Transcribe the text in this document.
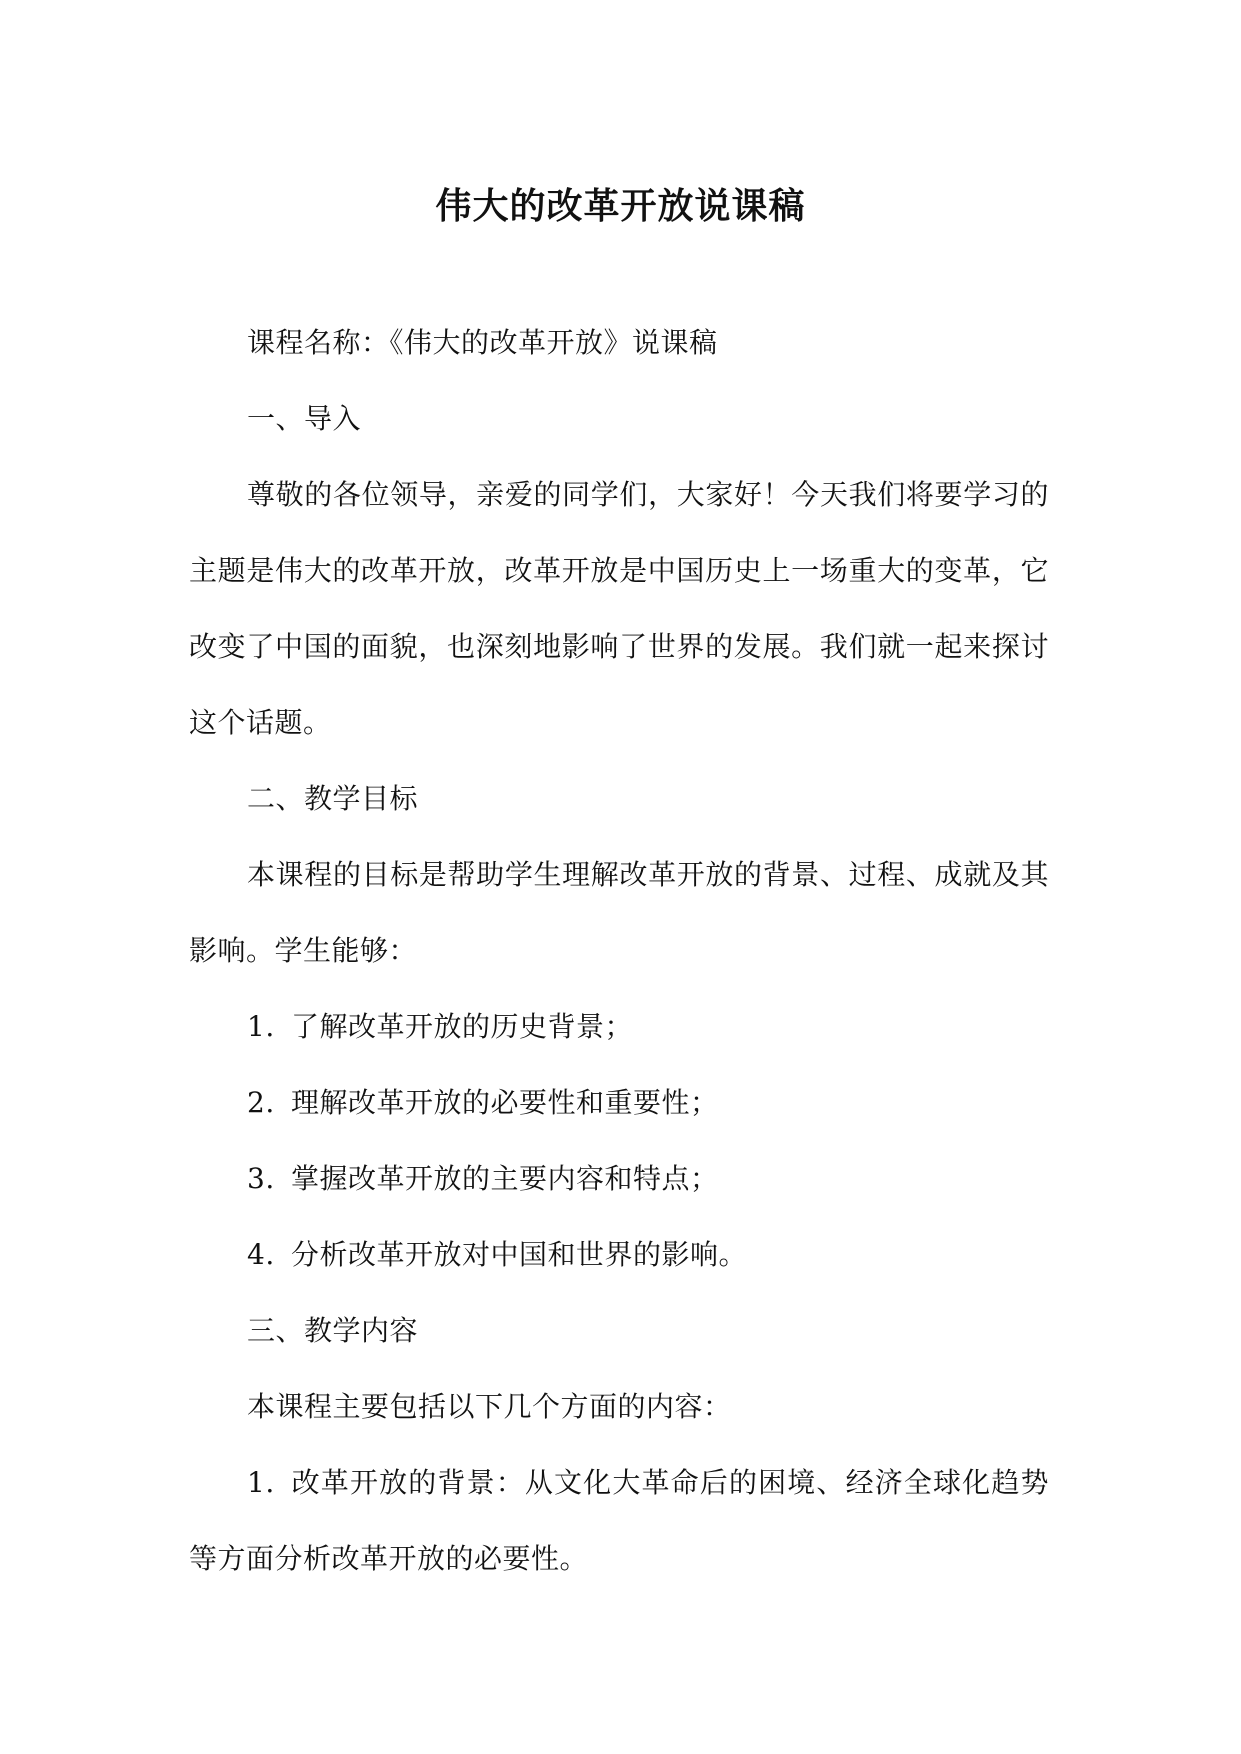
伟大的改革开放说课稿

课程名称：《伟大的改革开放》说课稿

一、导入

尊敬的各位领导，亲爱的同学们，大家好！今天我们将要学习的主题是伟大的改革开放，改革开放是中国历史上一场重大的变革，它改变了中国的面貌，也深刻地影响了世界的发展。我们就一起来探讨这个话题。

二、教学目标

本课程的目标是帮助学生理解改革开放的背景、过程、成就及其影响。学生能够：

1. 了解改革开放的历史背景；

2. 理解改革开放的必要性和重要性；

3. 掌握改革开放的主要内容和特点；

4. 分析改革开放对中国和世界的影响。

三、教学内容

本课程主要包括以下几个方面的内容：

1. 改革开放的背景：从文化大革命后的困境、经济全球化趋势等方面分析改革开放的必要性。
